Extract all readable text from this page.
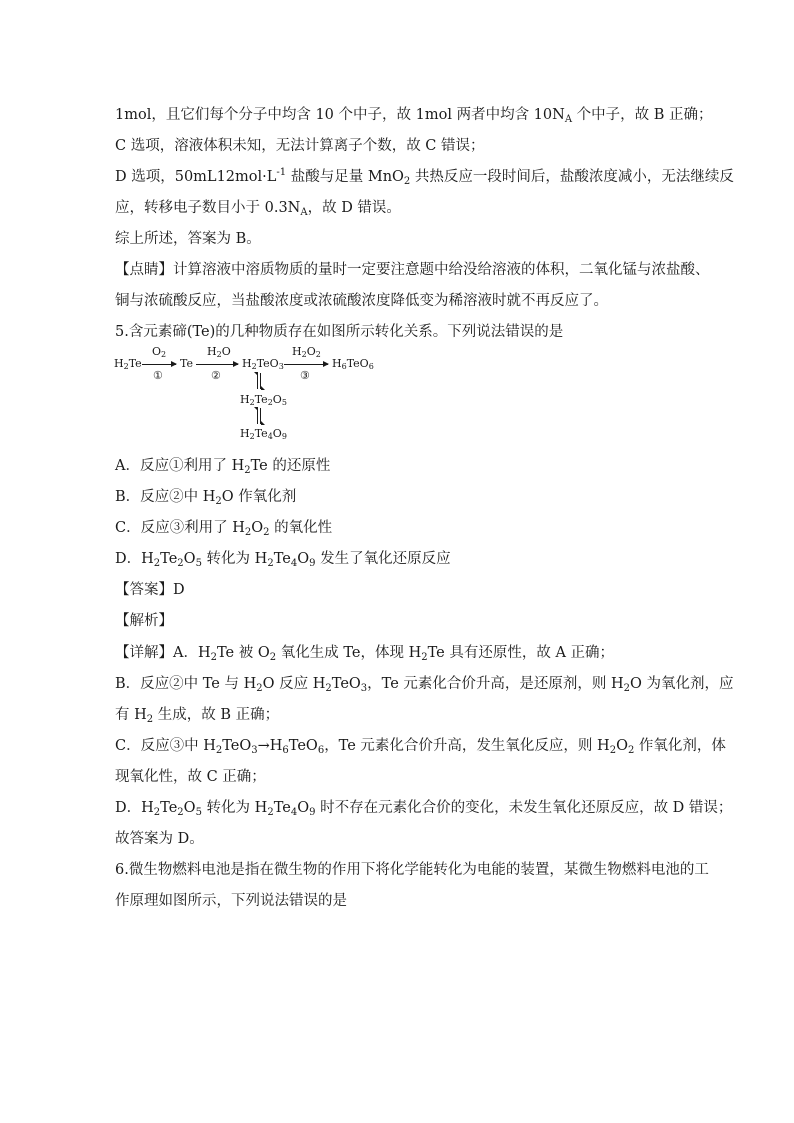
1mol，且它们每个分子中均含 10 个中子，故 1mol 两者中均含 $10N_A$ 个中子，故 B 正确；
C 选项，溶液体积未知，无法计算离子个数，故 C 错误；
D 选项，$50mL12mol\cdot L^{-1}$ 盐酸与足量 MnO$_2$ 共热反应一段时间后，盐酸浓度减小，无法继续反
应，转移电子数目小于 $0.3N_A$，故 D 错误。
综上所述，答案为 B。
【点睛】计算溶液中溶质物质的量时一定要注意题中给没给溶液的体积，二氧化锰与浓盐酸、
铜与浓硫酸反应，当盐酸浓度或浓硫酸浓度降低变为稀溶液时就不再反应了。
5.含元素碲(Te)的几种物质存在如图所示转化关系。下列说法错误的是
$H_2Te$
$O_2$
①
Te
$H_2O$
②
$H_2TeO_3$
$H_2O_2$
③
$H_6TeO_6$
$H_2Te_2O_5$
$H_2Te_4O_9$
A．反应①利用了 $H_2Te$ 的还原性
B．反应②中 $H_2O$ 作氧化剂
C．反应③利用了 $H_2O_2$ 的氧化性
D．$H_2Te_2O_5$ 转化为 $H_2Te_4O_9$ 发生了氧化还原反应
【答案】D
【解析】
【详解】A．$H_2Te$ 被 $O_2$ 氧化生成 Te，体现 $H_2Te$ 具有还原性，故 A 正确；
B．反应②中 Te 与 $H_2O$ 反应 $H_2TeO_3$，Te 元素化合价升高，是还原剂，则 $H_2O$ 为氧化剂，应
有 $H_2$ 生成，故 B 正确；
C．反应③中 $H_2TeO_3\to H_6TeO_6$，Te 元素化合价升高，发生氧化反应，则 $H_2O_2$ 作氧化剂，体
现氧化性，故 C 正确；
D．$H_2Te_2O_5$ 转化为 $H_2Te_4O_9$ 时不存在元素化合价的变化，未发生氧化还原反应，故 D 错误；
故答案为 D。
6.微生物燃料电池是指在微生物的作用下将化学能转化为电能的装置，某微生物燃料电池的工
作原理如图所示，下列说法错误的是
